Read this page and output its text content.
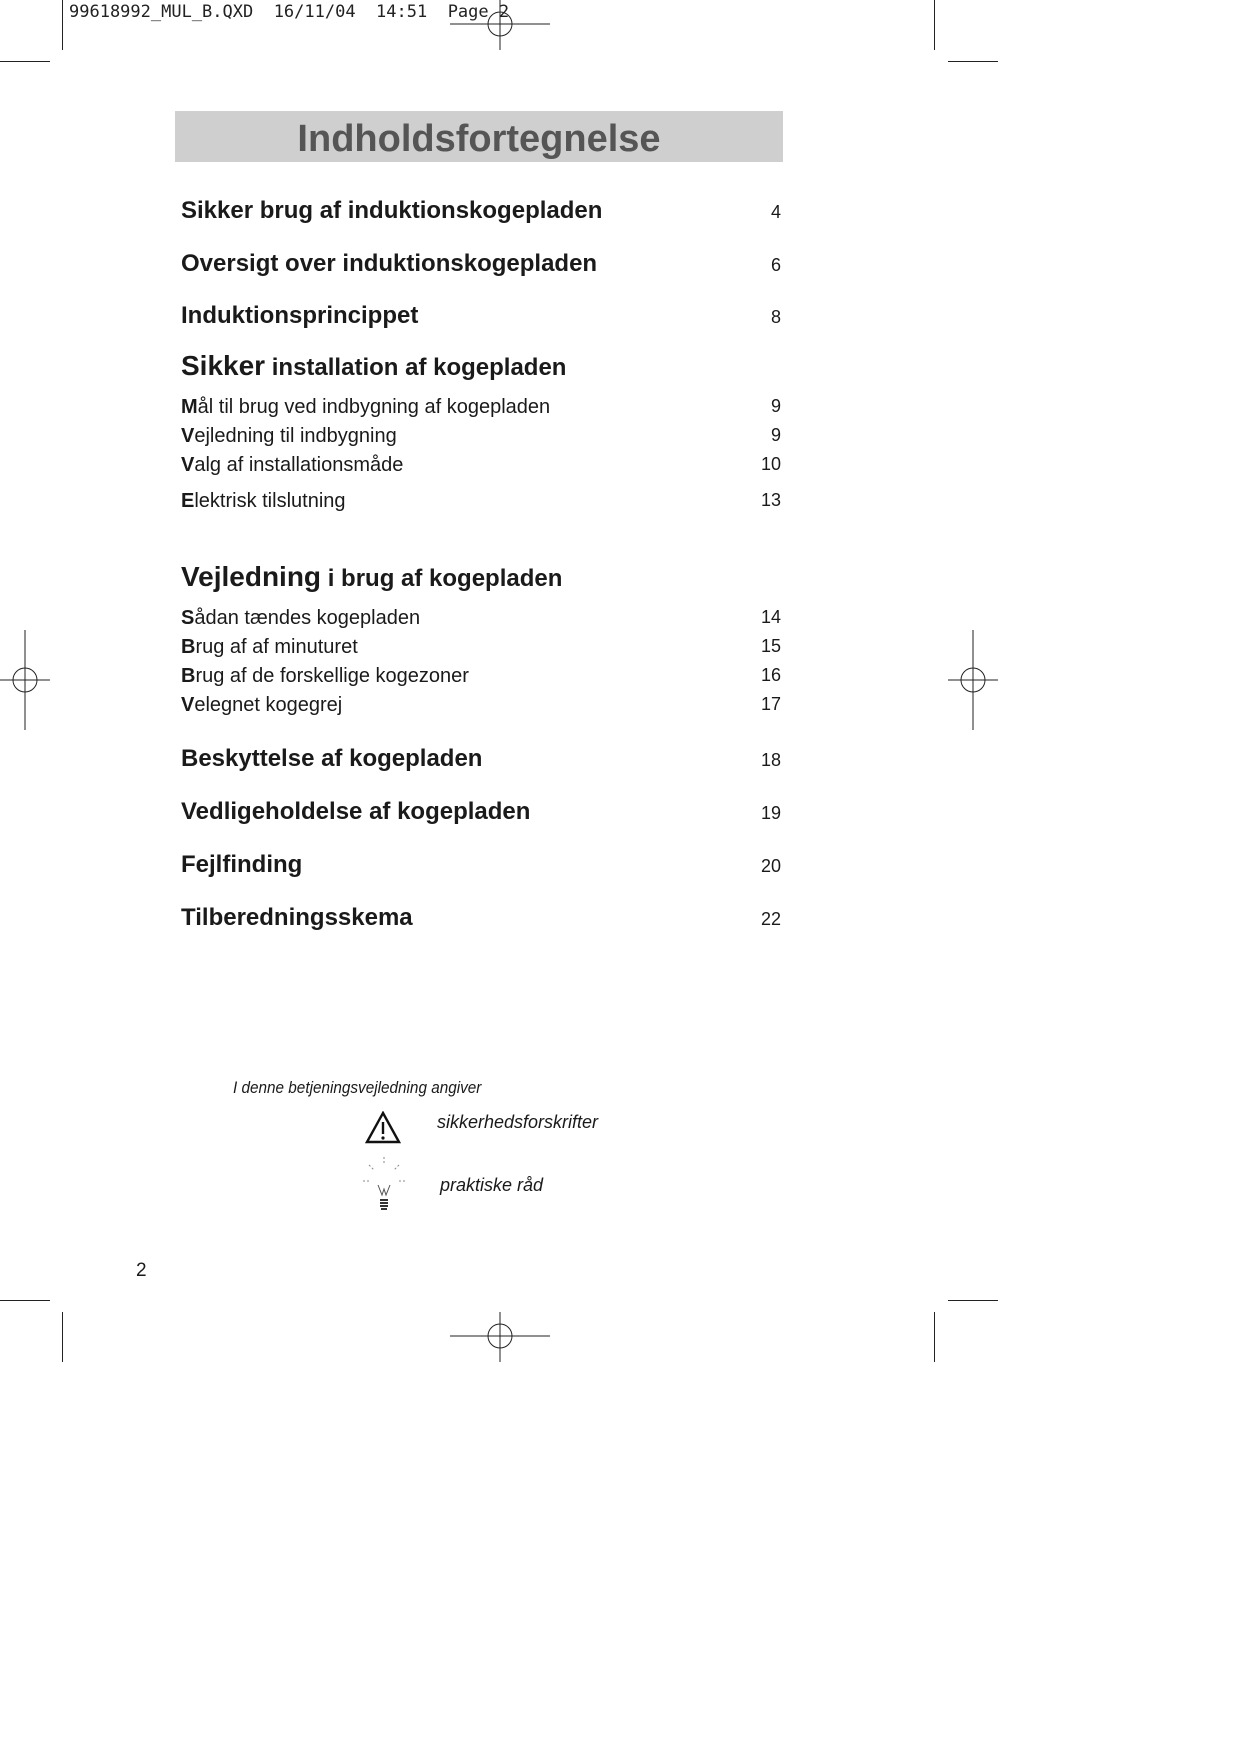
99618992_MUL_B.QXD  16/11/04  14:51  Page 2
Indholdsfortegnelse
Sikker brug af induktionskogepladen	4
Oversigt over induktionskogepladen	6
Induktionsprincippet	8
Sikker installation af kogepladen
Mål til brug ved indbygning af kogepladen	9
Vejledning til indbygning	9
Valg af installationsmåde	10
Elektrisk tilslutning	13
Vejledning i brug af kogepladen
Sådan tændes kogepladen	14
Brug af af minuturet	15
Brug af de forskellige kogezoner	16
Velegnet kogegrej	17
Beskyttelse af kogepladen	18
Vedligeholdelse af kogepladen	19
Fejlfinding	20
Tilberedningsskema	22
I denne betjeningsvejledning angiver
sikkerhedsforskrifter
praktiske råd
2
